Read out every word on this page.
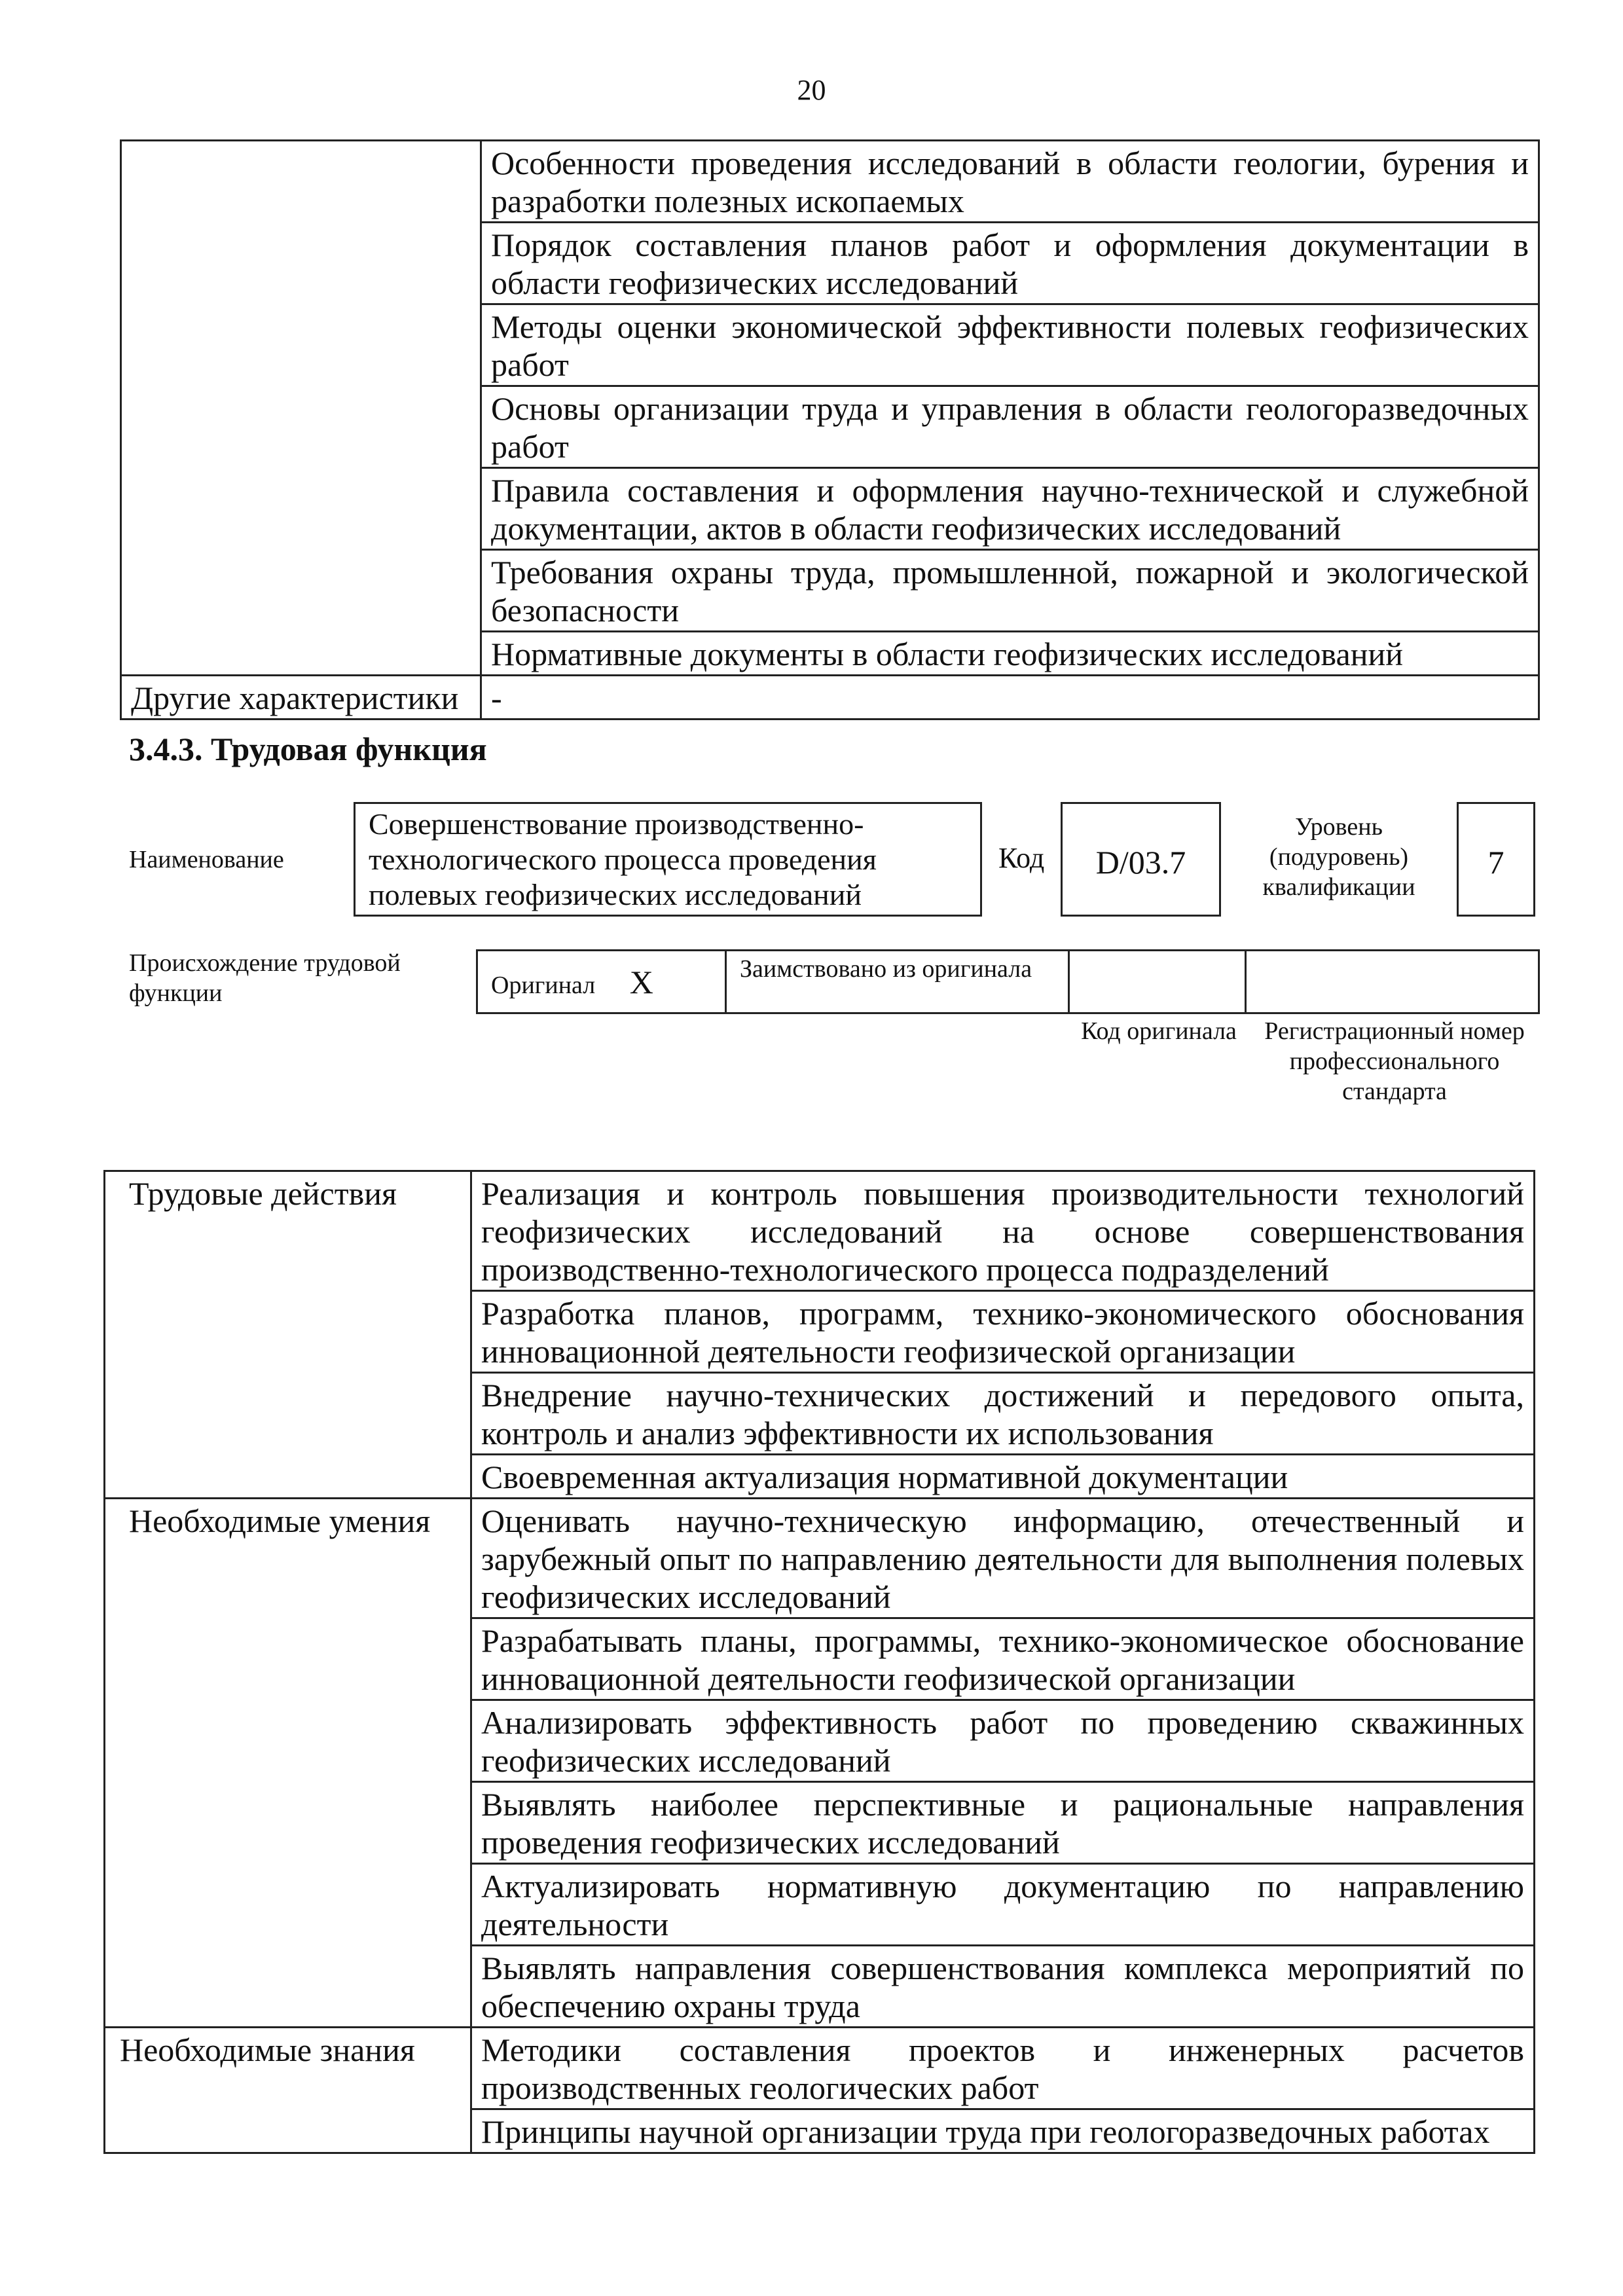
20
	Особенности проведения исследований в области геологии, бурения и разработки полезных ископаемых
	Порядок составления планов работ и оформления документации в области геофизических исследований
	Методы оценки экономической эффективности полевых геофизических работ
	Основы организации труда и управления в области геологоразведочных работ
	Правила составления и оформления научно-технической и служебной документации, актов в области геофизических исследований
	Требования охраны труда, промышленной, пожарной и экологической безопасности
	Нормативные документы в области геофизических исследований
Другие характеристики	-
3.4.3. Трудовая функция
Наименование
Совершенствование производственно-технологического процесса проведения полевых геофизических исследований
Код	D/03.7
Уровень (подуровень) квалификации
7
Происхождение трудовой функции	Оригинал X	Заимствовано из оригинала		
Код оригинала	Регистрационный номер профессионального стандарта
Трудовые действия	Реализация и контроль повышения производительности технологий геофизических исследований на основе совершенствования производственно-технологического процесса подразделений
	Разработка планов, программ, технико-экономического обоснования инновационной деятельности геофизической организации
	Внедрение научно-технических достижений и передового опыта, контроль и анализ эффективности их использования
	Своевременная актуализация нормативной документации
Необходимые умения	Оценивать научно-техническую информацию, отечественный и зарубежный опыт по направлению деятельности для выполнения полевых геофизических исследований
	Разрабатывать планы, программы, технико-экономическое обоснование инновационной деятельности геофизической организации
	Анализировать эффективность работ по проведению скважинных геофизических исследований
	Выявлять наиболее перспективные и рациональные направления проведения геофизических исследований
	Актуализировать нормативную документацию по направлению деятельности
	Выявлять направления совершенствования комплекса мероприятий по обеспечению охраны труда
Необходимые знания	Методики составления проектов и инженерных расчетов производственных геологических работ
	Принципы научной организации труда при геологоразведочных работах
